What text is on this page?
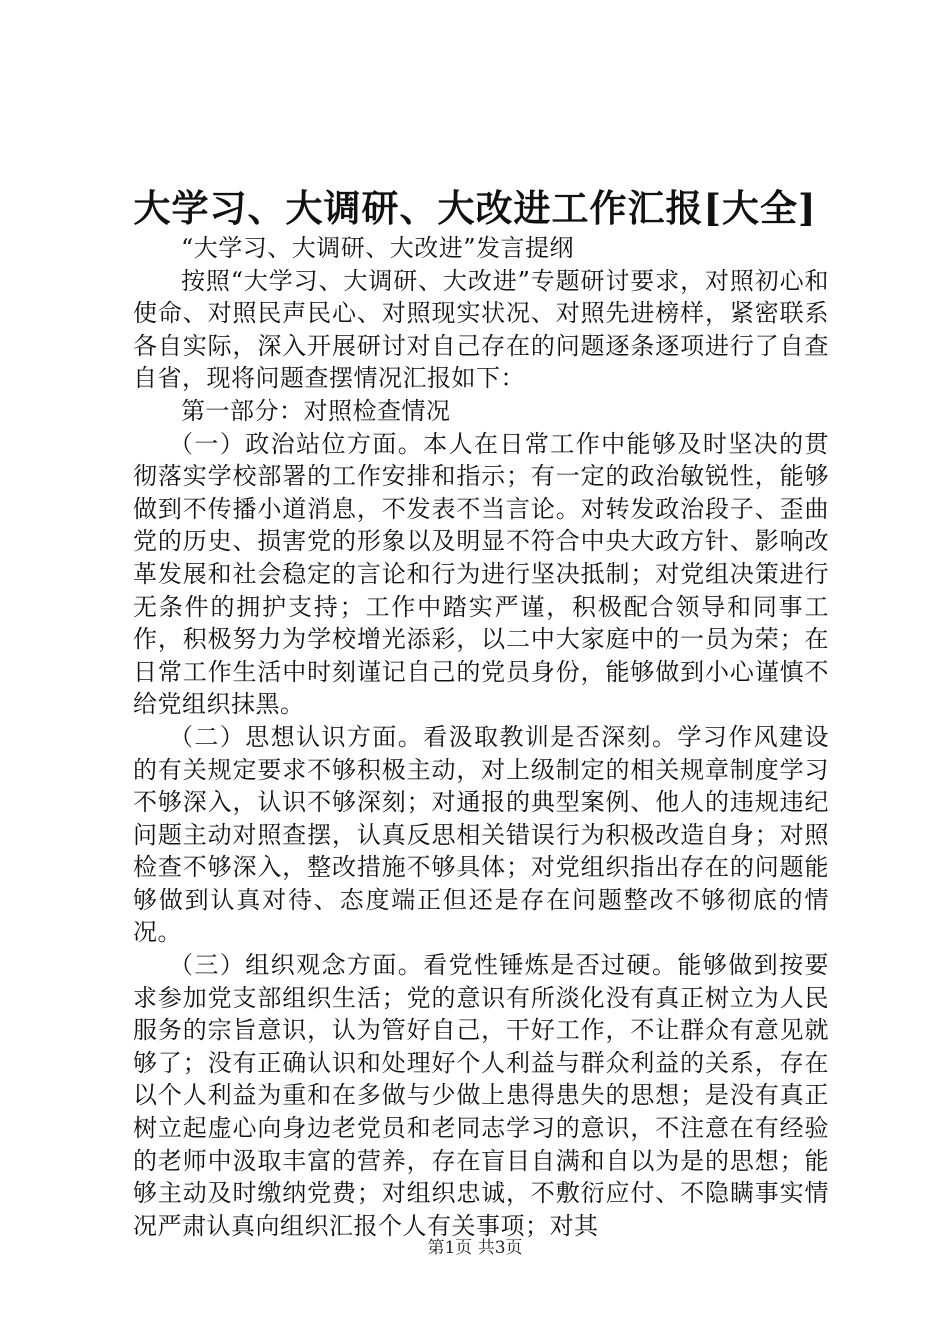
大学习、大调研、大改进工作汇报[大全]

“大学习、大调研、大改进”发言提纲

按照“大学习、大调研、大改进”专题研讨要求，对照初心和使命、对照民声民心、对照现实状况、对照先进榜样，紧密联系各自实际，深入开展研讨对自己存在的问题逐条逐项进行了自查自省，现将问题查摆情况汇报如下：

第一部分：对照检查情况

（一）政治站位方面。本人在日常工作中能够及时坚决的贯彻落实学校部署的工作安排和指示；有一定的政治敏锐性，能够做到不传播小道消息，不发表不当言论。对转发政治段子、歪曲党的历史、损害党的形象以及明显不符合中央大政方针、影响改革发展和社会稳定的言论和行为进行坚决抵制；对党组决策进行无条件的拥护支持；工作中踏实严谨，积极配合领导和同事工作，积极努力为学校增光添彩，以二中大家庭中的一员为荣；在日常工作生活中时刻谨记自己的党员身份，能够做到小心谨慎不给党组织抹黑。

（二）思想认识方面。看汲取教训是否深刻。学习作风建设的有关规定要求不够积极主动，对上级制定的相关规章制度学习不够深入，认识不够深刻；对通报的典型案例、他人的违规违纪问题主动对照查摆，认真反思相关错误行为积极改造自身；对照检查不够深入，整改措施不够具体；对党组织指出存在的问题能够做到认真对待、态度端正但还是存在问题整改不够彻底的情况。

（三）组织观念方面。看党性锤炼是否过硬。能够做到按要求参加党支部组织生活；党的意识有所淡化没有真正树立为人民服务的宗旨意识，认为管好自己，干好工作，不让群众有意见就够了；没有正确认识和处理好个人利益与群众利益的关系，存在以个人利益为重和在多做与少做上患得患失的思想；是没有真正树立起虚心向身边老党员和老同志学习的意识，不注意在有经验的老师中汲取丰富的营养，存在盲目自满和自以为是的思想；能够主动及时缴纳党费；对组织忠诚，不敷衍应付、不隐瞒事实情况严肃认真向组织汇报个人有关事项；对其

第1页 共3页
